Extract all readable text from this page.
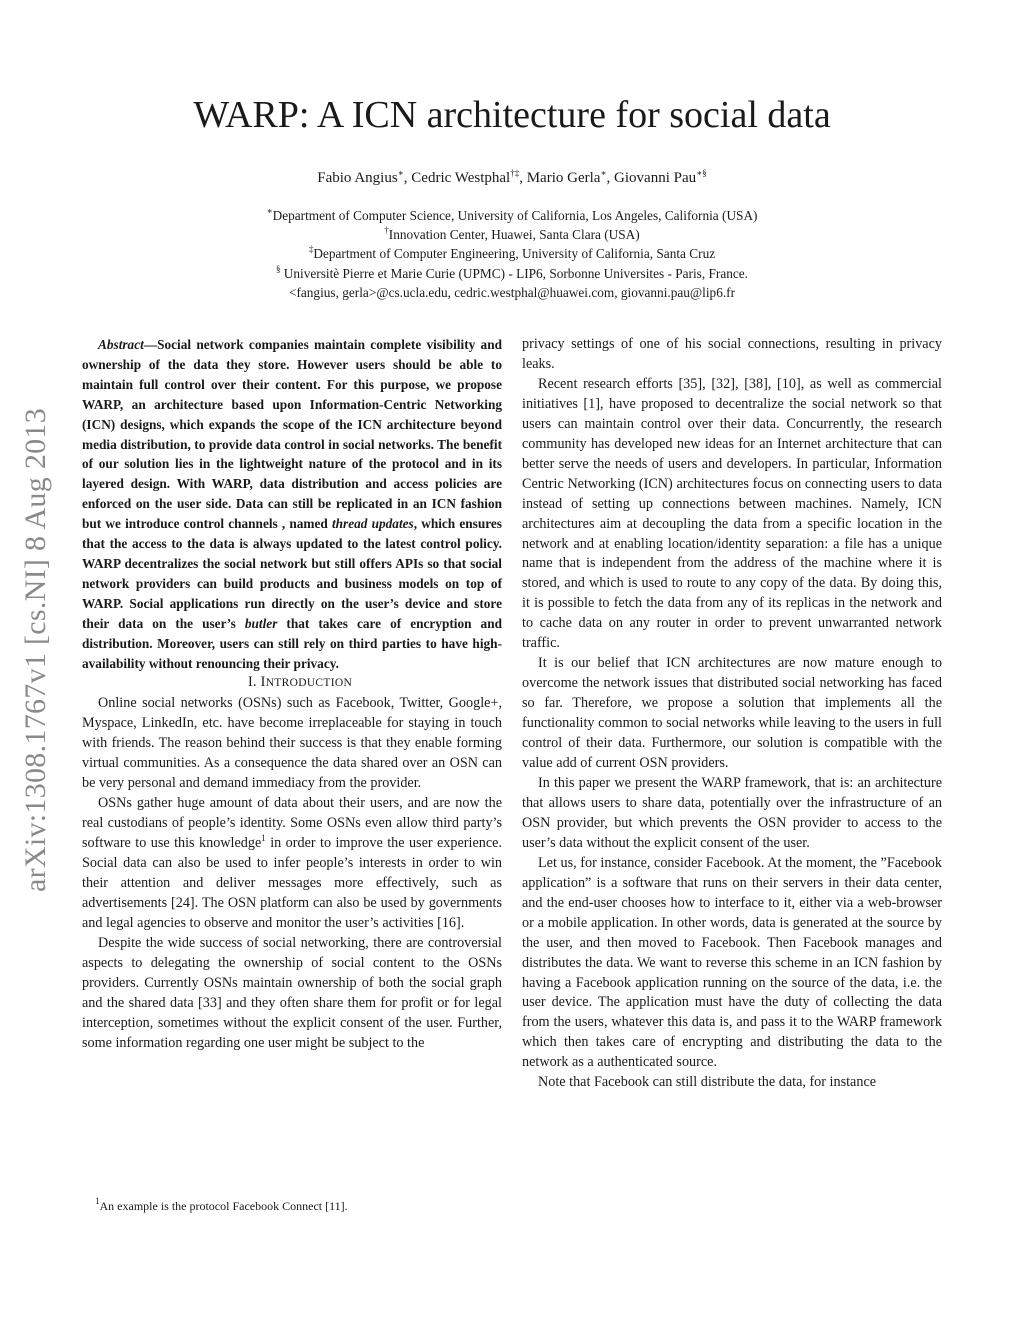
WARP: A ICN architecture for social data
Fabio Angius∗, Cedric Westphal†‡, Mario Gerla∗, Giovanni Pau∗§
∗Department of Computer Science, University of California, Los Angeles, California (USA)
†Innovation Center, Huawei, Santa Clara (USA)
‡Department of Computer Engineering, University of California, Santa Cruz
§ Universitè Pierre et Marie Curie (UPMC) - LIP6, Sorbonne Universites - Paris, France.
<fangius, gerla>@cs.ucla.edu, cedric.westphal@huawei.com, giovanni.pau@lip6.fr
arXiv:1308.1767v1 [cs.NI] 8 Aug 2013

Abstract—Social network companies maintain complete visibility and ownership of the data they store. However users should be able to maintain full control over their content. For this purpose, we propose WARP, an architecture based upon Information-Centric Networking (ICN) designs, which expands the scope of the ICN architecture beyond media distribution, to provide data control in social networks. The benefit of our solution lies in the lightweight nature of the protocol and in its layered design. With WARP, data distribution and access policies are enforced on the user side. Data can still be replicated in an ICN fashion but we introduce control channels , named thread updates, which ensures that the access to the data is always updated to the latest control policy. WARP decentralizes the social network but still offers APIs so that social network providers can build products and business models on top of WARP. Social applications run directly on the user’s device and store their data on the user’s butler that takes care of encryption and distribution. Moreover, users can still rely on third parties to have high-availability without renouncing their privacy.

I. INTRODUCTION

Online social networks (OSNs) such as Facebook, Twitter, Google+, Myspace, LinkedIn, etc. have become irreplaceable for staying in touch with friends. The reason behind their success is that they enable forming virtual communities. As a consequence the data shared over an OSN can be very personal and demand immediacy from the provider.

OSNs gather huge amount of data about their users, and are now the real custodians of people’s identity. Some OSNs even allow third party’s software to use this knowledge$^1$ in order to improve the user experience. Social data can also be used to infer people’s interests in order to win their attention and deliver messages more effectively, such as advertisements [24]. The OSN platform can also be used by governments and legal agencies to observe and monitor the user’s activities [16].

Despite the wide success of social networking, there are controversial aspects to delegating the ownership of social content to the OSNs providers. Currently OSNs maintain ownership of both the social graph and the shared data [33] and they often share them for profit or for legal interception, sometimes without the explicit consent of the user. Further, some information regarding one user might be subject to the

$^1$An example is the protocol Facebook Connect [11].

privacy settings of one of his social connections, resulting in privacy leaks.

Recent research efforts [35], [32], [38], [10], as well as commercial initiatives [1], have proposed to decentralize the social network so that users can maintain control over their data. Concurrently, the research community has developed new ideas for an Internet architecture that can better serve the needs of users and developers. In particular, Information Centric Networking (ICN) architectures focus on connecting users to data instead of setting up connections between machines. Namely, ICN architectures aim at decoupling the data from a specific location in the network and at enabling location/identity separation: a file has a unique name that is independent from the address of the machine where it is stored, and which is used to route to any copy of the data. By doing this, it is possible to fetch the data from any of its replicas in the network and to cache data on any router in order to prevent unwarranted network traffic.

It is our belief that ICN architectures are now mature enough to overcome the network issues that distributed social networking has faced so far. Therefore, we propose a solution that implements all the functionality common to social networks while leaving to the users in full control of their data. Furthermore, our solution is compatible with the value add of current OSN providers.

In this paper we present the WARP framework, that is: an architecture that allows users to share data, potentially over the infrastructure of an OSN provider, but which prevents the OSN provider to access to the user’s data without the explicit consent of the user.

Let us, for instance, consider Facebook. At the moment, the ”Facebook application” is a software that runs on their servers in their data center, and the end-user chooses how to interface to it, either via a web-browser or a mobile application. In other words, data is generated at the source by the user, and then moved to Facebook. Then Facebook manages and distributes the data. We want to reverse this scheme in an ICN fashion by having a Facebook application running on the source of the data, i.e. the user device. The application must have the duty of collecting the data from the users, whatever this data is, and pass it to the WARP framework which then takes care of encrypting and distributing the data to the network as a authenticated source.

Note that Facebook can still distribute the data, for instance
